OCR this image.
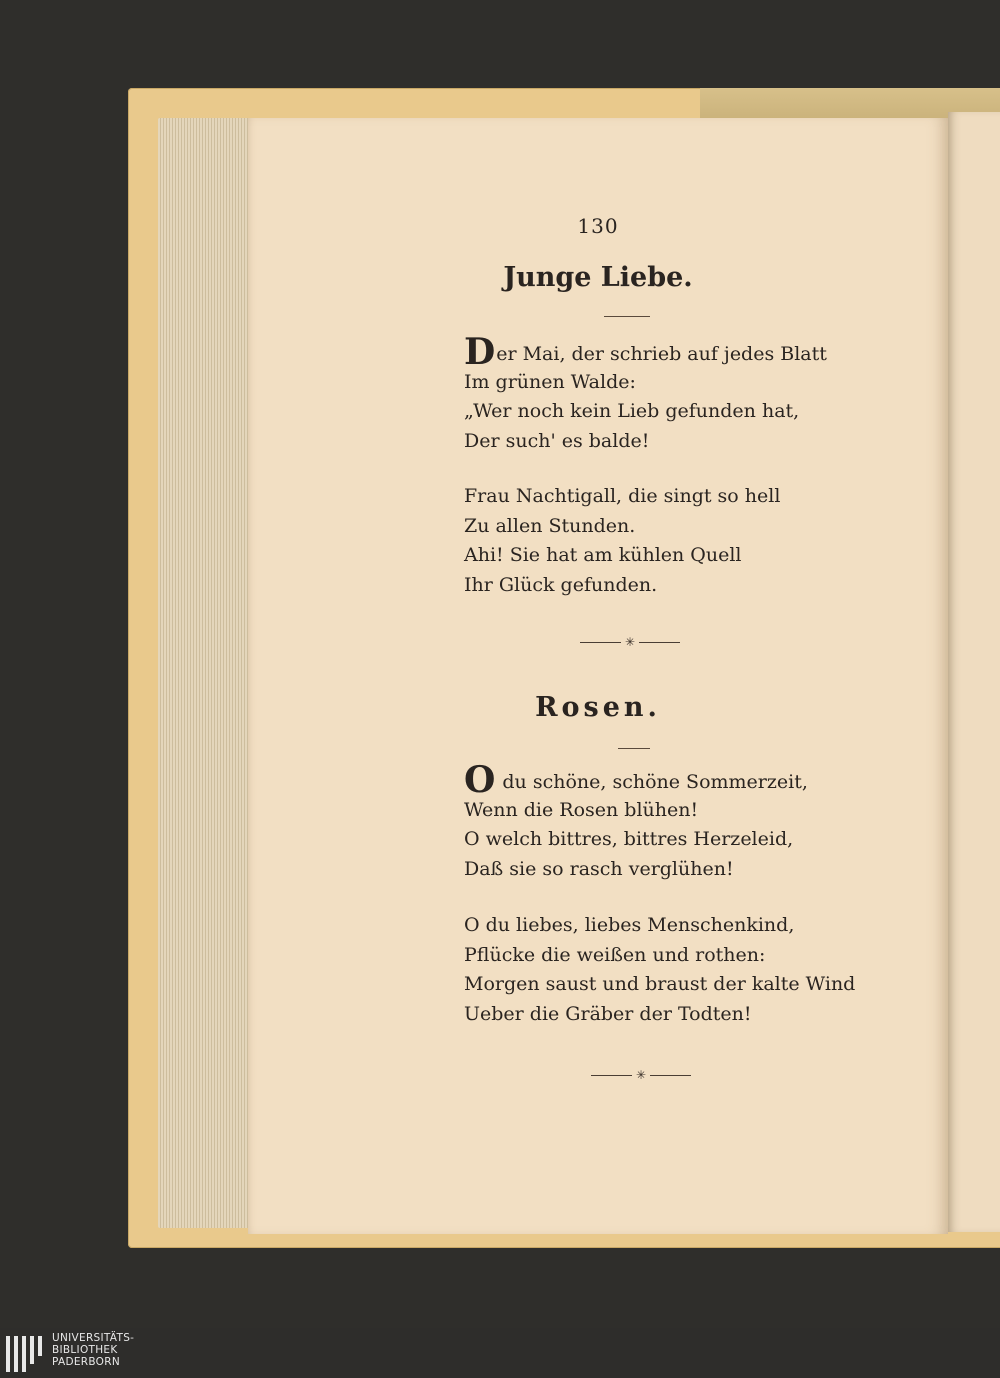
130
Junge Liebe.
Der Mai, der schrieb auf jedes Blatt
Im grünen Walde:
„Wer noch kein Lieb gefunden hat,
Der such' es balde!
Frau Nachtigall, die singt so hell
Zu allen Stunden.
Ahi! Sie hat am kühlen Quell
Ihr Glück gefunden.
✳
Rosen.
O du schöne, schöne Sommerzeit,
Wenn die Rosen blühen!
O welch bittres, bittres Herzeleid,
Daß sie so rasch verglühen!
O du liebes, liebes Menschenkind,
Pflücke die weißen und rothen:
Morgen saust und braust der kalte Wind
Ueber die Gräber der Todten!
✳
UNIVERSITÄTS-
BIBLIOTHEK
PADERBORN
